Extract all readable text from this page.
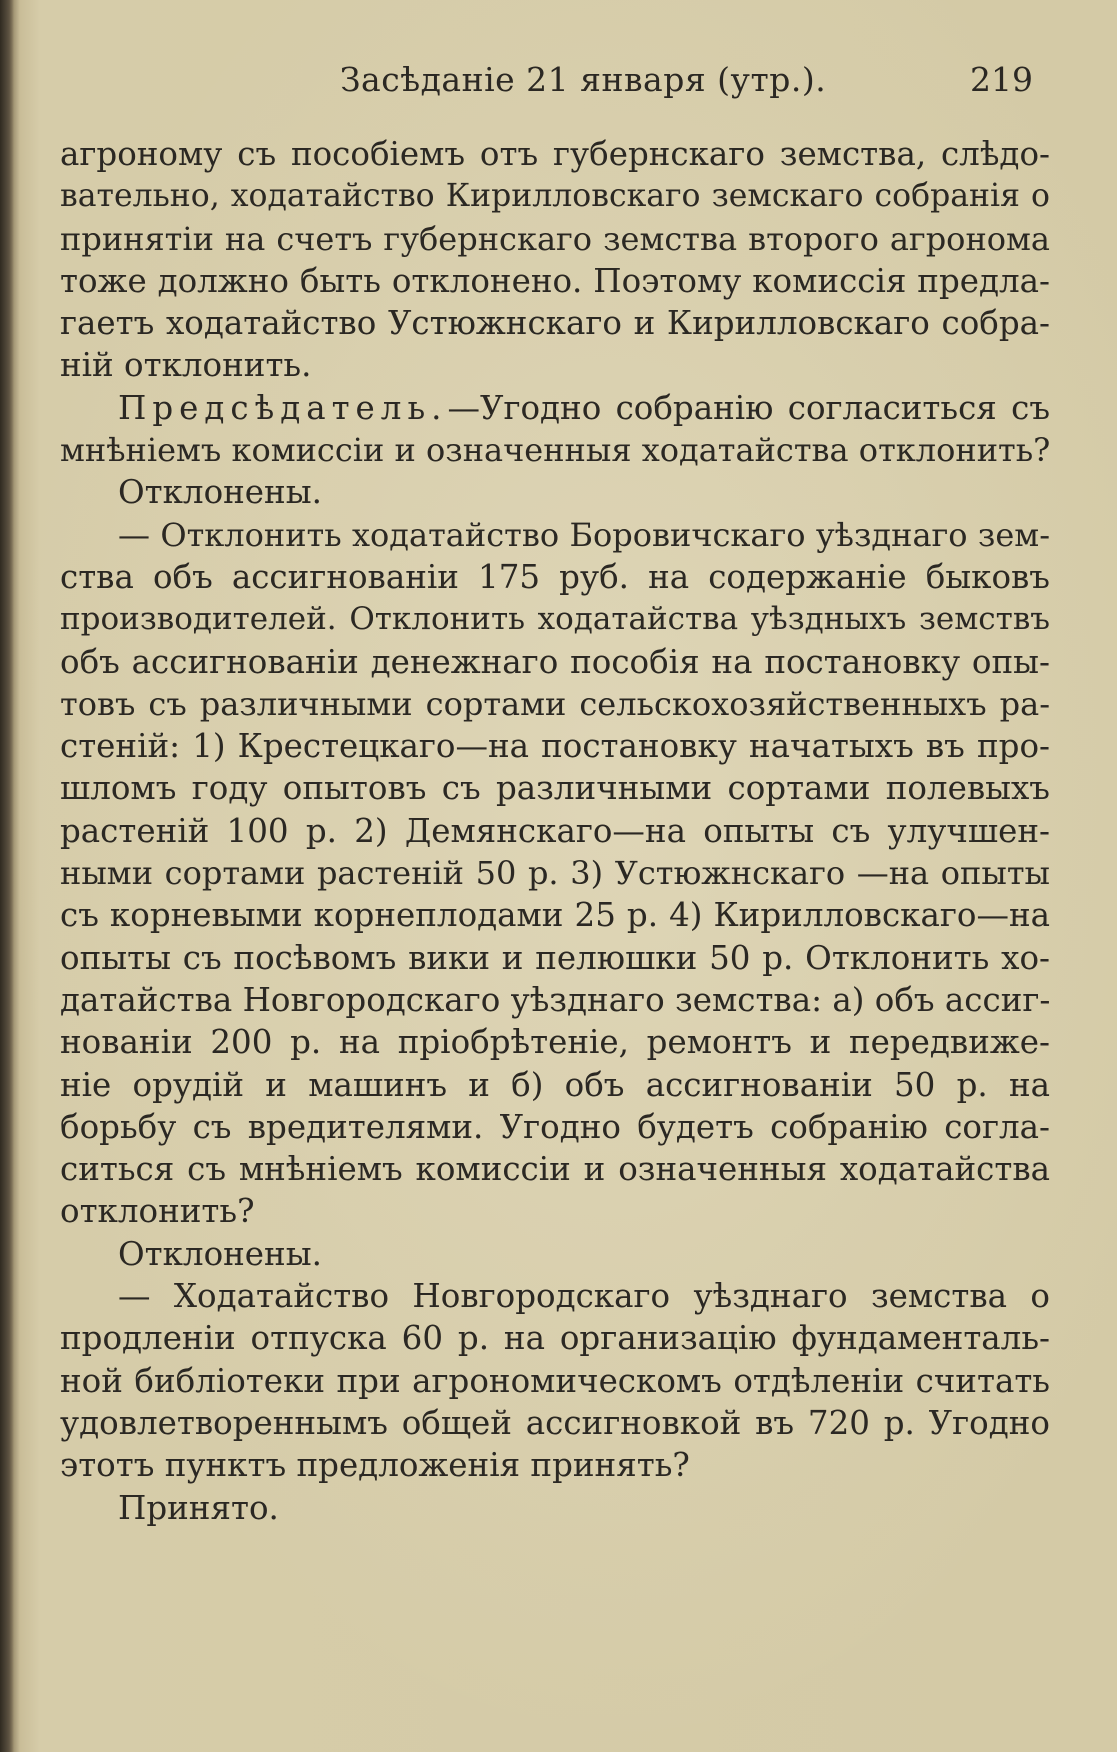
Засѣданіе 21 января (утр.).	219
агроному съ пособіемъ отъ губернскаго земства, слѣдо-
вательно, ходатайство Кирилловскаго земскаго собранія о
принятіи на счетъ губернскаго земства второго агронома
тоже должно быть отклонено. Поэтому комиссія предла-
гаетъ ходатайство Устюжнскаго и Кирилловскаго собра-
ній отклонить.
Предсѣдатель.—Угодно собранію согласиться съ
мнѣніемъ комиссіи и означенныя ходатайства отклонить?
Отклонены.
— Отклонить ходатайство Боровичскаго уѣзднаго зем-
ства объ ассигнованіи 175 руб. на содержаніе быковъ
производителей. Отклонить ходатайства уѣздныхъ земствъ
объ ассигнованіи денежнаго пособія на постановку опы-
товъ съ различными сортами сельскохозяйственныхъ ра-
стеній: 1) Крестецкаго—на постановку начатыхъ въ про-
шломъ году опытовъ съ различными сортами полевыхъ
растеній 100 р. 2) Демянскаго—на опыты съ улучшен-
ными сортами растеній 50 р. 3) Устюжнскаго —на опыты
съ корневыми корнеплодами 25 р. 4) Кирилловскаго—на
опыты съ посѣвомъ вики и пелюшки 50 р. Отклонить хо-
датайства Новгородскаго уѣзднаго земства: а) объ ассиг-
нованіи 200 р. на пріобрѣтеніе, ремонтъ и передвиже-
ніе орудій и машинъ и б) объ ассигнованіи 50 р. на
борьбу съ вредителями. Угодно будетъ собранію согла-
ситься съ мнѣніемъ комиссіи и означенныя ходатайства
отклонить?
Отклонены.
— Ходатайство Новгородскаго уѣзднаго земства о
продленіи отпуска 60 р. на организацію фундаменталь-
ной библіотеки при агрономическомъ отдѣленіи считать
удовлетвореннымъ общей ассигновкой въ 720 р. Угодно
этотъ пунктъ предложенія принять?
Принято.
